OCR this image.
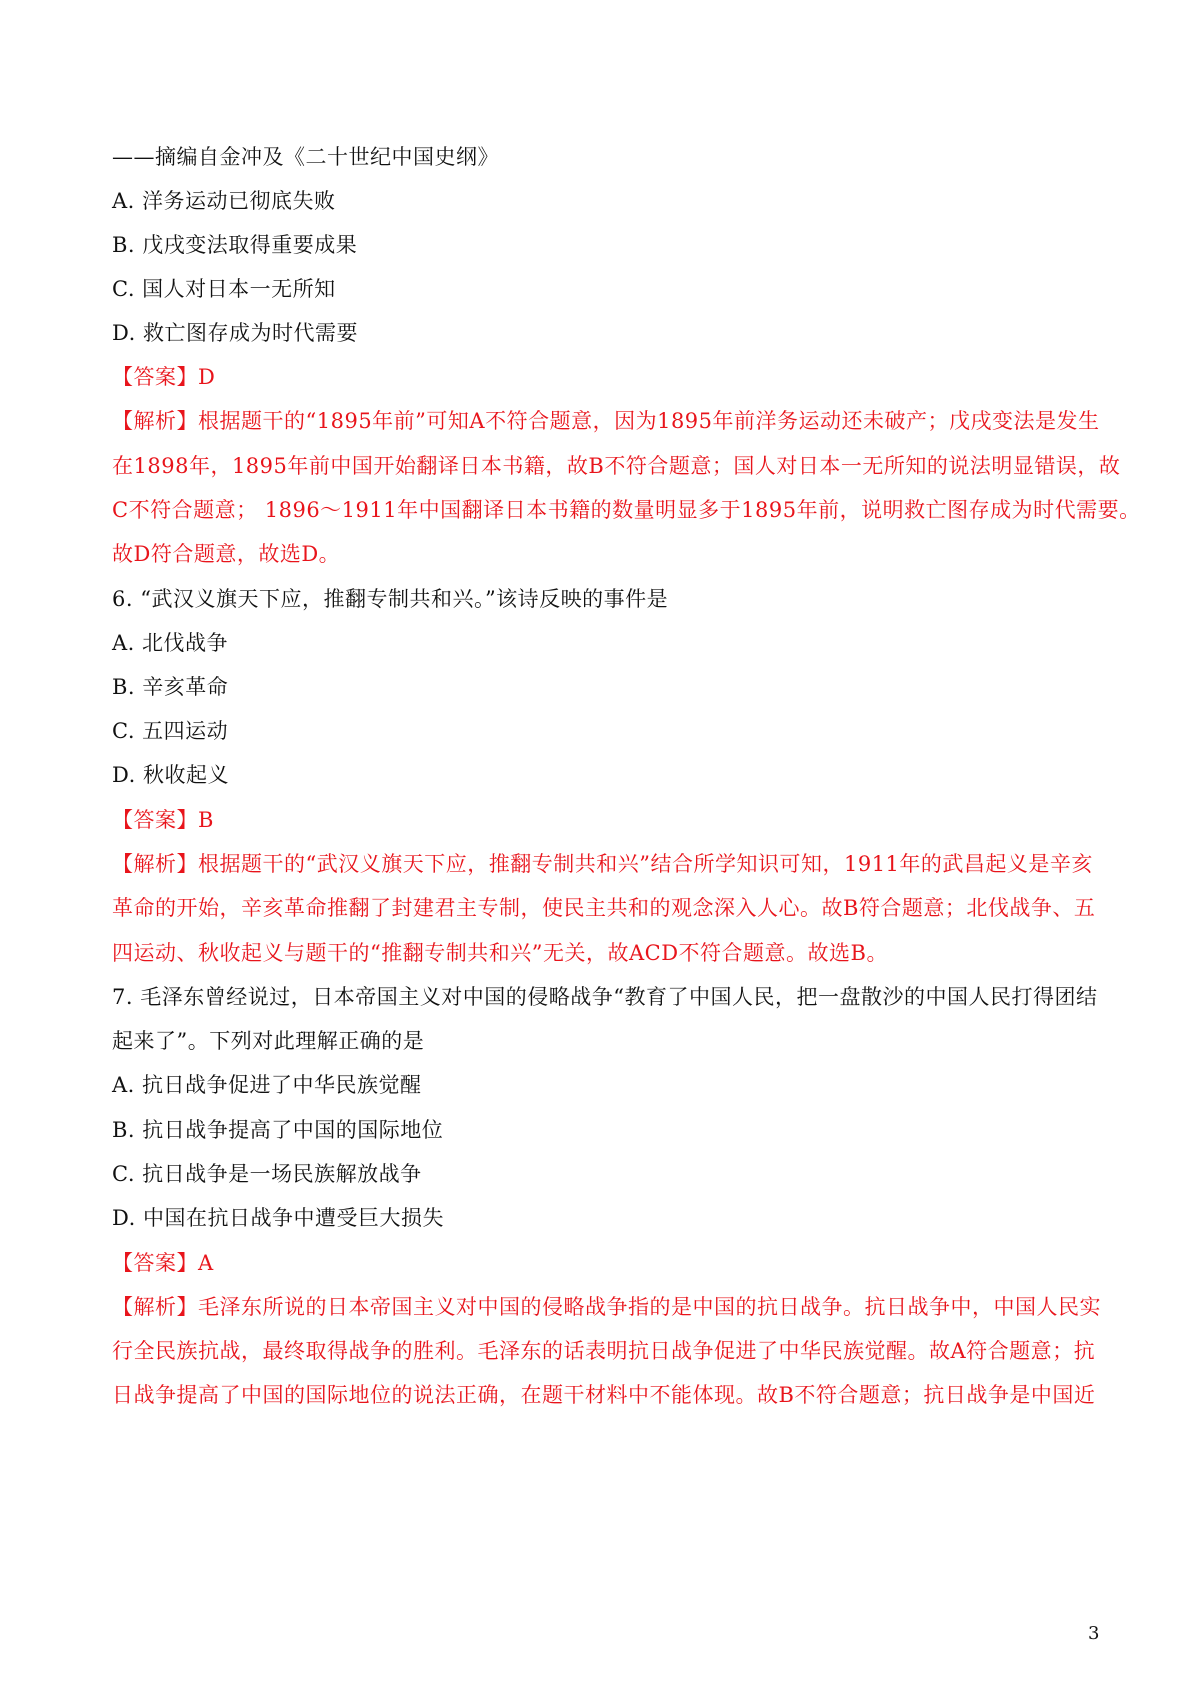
——摘编自金冲及《二十世纪中国史纲》
A. 洋务运动已彻底失败
B. 戊戌变法取得重要成果
C. 国人对日本一无所知
D. 救亡图存成为时代需要
【答案】D
【解析】根据题干的“1895年前”可知A不符合题意，因为1895年前洋务运动还未破产；戊戌变法是发生
在1898年，1895年前中国开始翻译日本书籍，故B不符合题意；国人对日本一无所知的说法明显错误，故
C不符合题意； 1896～1911年中国翻译日本书籍的数量明显多于1895年前，说明救亡图存成为时代需要。
故D符合题意，故选D。
6. “武汉义旗天下应，推翻专制共和兴。”该诗反映的事件是
A. 北伐战争
B. 辛亥革命
C. 五四运动
D. 秋收起义
【答案】B
【解析】根据题干的“武汉义旗天下应，推翻专制共和兴”结合所学知识可知，1911年的武昌起义是辛亥
革命的开始，辛亥革命推翻了封建君主专制，使民主共和的观念深入人心。故B符合题意；北伐战争、五
四运动、秋收起义与题干的“推翻专制共和兴”无关，故ACD不符合题意。故选B。
7. 毛泽东曾经说过，日本帝国主义对中国的侵略战争“教育了中国人民，把一盘散沙的中国人民打得团结
起来了”。下列对此理解正确的是
A. 抗日战争促进了中华民族觉醒
B. 抗日战争提高了中国的国际地位
C. 抗日战争是一场民族解放战争
D. 中国在抗日战争中遭受巨大损失
【答案】A
【解析】毛泽东所说的日本帝国主义对中国的侵略战争指的是中国的抗日战争。抗日战争中，中国人民实
行全民族抗战，最终取得战争的胜利。毛泽东的话表明抗日战争促进了中华民族觉醒。故A符合题意；抗
日战争提高了中国的国际地位的说法正确，在题干材料中不能体现。故B不符合题意；抗日战争是中国近
3
